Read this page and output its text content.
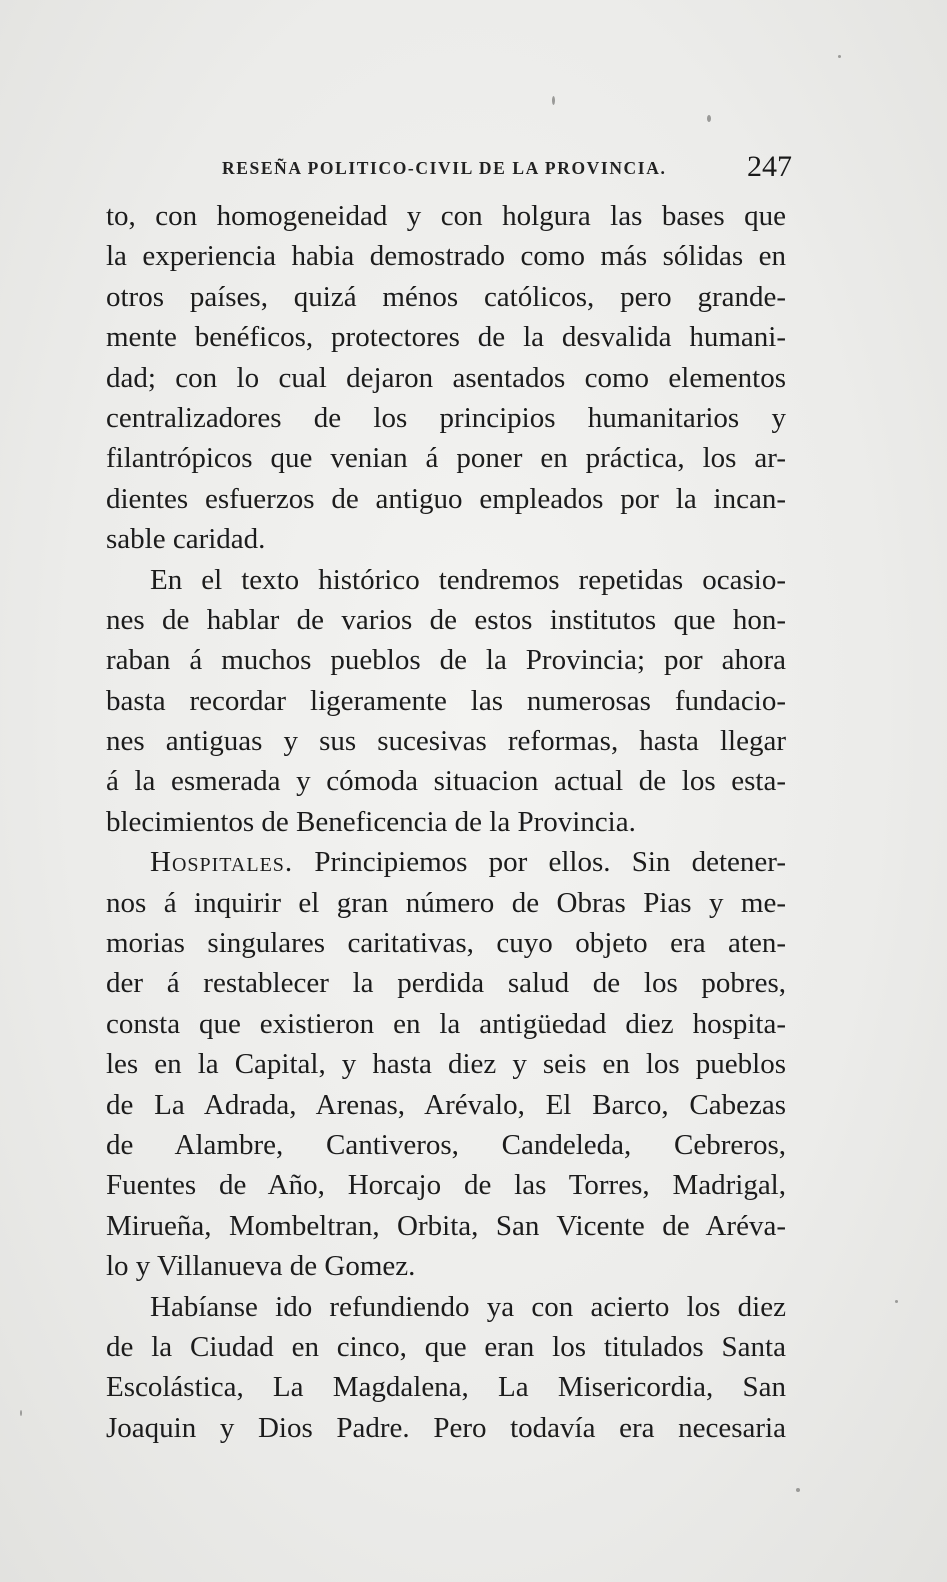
RESEÑA POLITICO-CIVIL DE LA PROVINCIA.	247
to, con homogeneidad y con holgura las bases que
la experiencia habia demostrado como más sólidas en
otros países, quizá ménos católicos, pero grande-
mente benéficos, protectores de la desvalida humani-
dad; con lo cual dejaron asentados como elementos
centralizadores de los principios humanitarios y
filantrópicos que venian á poner en práctica, los ar-
dientes esfuerzos de antiguo empleados por la incan-
sable caridad.
En el texto histórico tendremos repetidas ocasio-
nes de hablar de varios de estos institutos que hon-
raban á muchos pueblos de la Provincia; por ahora
basta recordar ligeramente las numerosas fundacio-
nes antiguas y sus sucesivas reformas, hasta llegar
á la esmerada y cómoda situacion actual de los esta-
blecimientos de Beneficencia de la Provincia.
Hospitales. Principiemos por ellos. Sin detener-
nos á inquirir el gran número de Obras Pias y me-
morias singulares caritativas, cuyo objeto era aten-
der á restablecer la perdida salud de los pobres,
consta que existieron en la antigüedad diez hospita-
les en la Capital, y hasta diez y seis en los pueblos
de La Adrada, Arenas, Arévalo, El Barco, Cabezas
de Alambre, Cantiveros, Candeleda, Cebreros,
Fuentes de Año, Horcajo de las Torres, Madrigal,
Mirueña, Mombeltran, Orbita, San Vicente de Aréva-
lo y Villanueva de Gomez.
Habíanse ido refundiendo ya con acierto los diez
de la Ciudad en cinco, que eran los titulados Santa
Escolástica, La Magdalena, La Misericordia, San
Joaquin y Dios Padre. Pero todavía era necesaria
